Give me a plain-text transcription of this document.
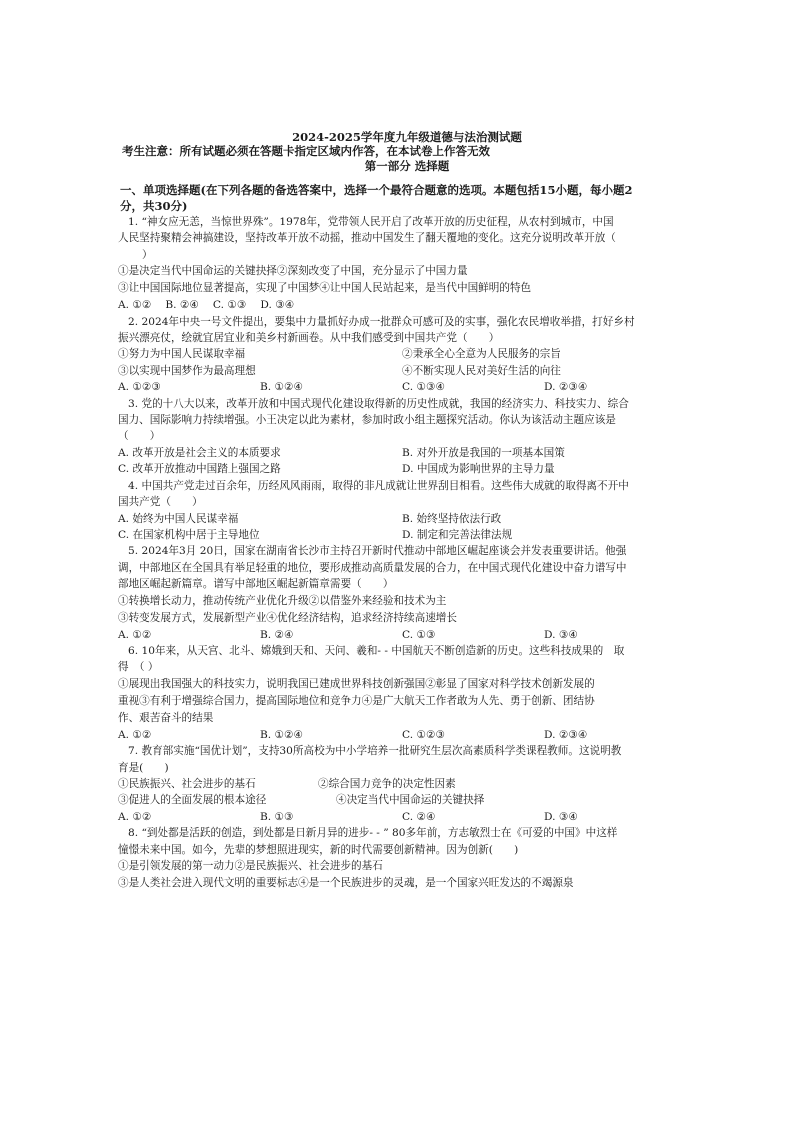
2024-2025学年度九年级道德与法治测试题
考生注意：所有试题必须在答题卡指定区域内作答，在本试卷上作答无效
第一部分 选择题
一、单项选择题(在下列各题的备选答案中，选择一个最符合题意的选项。本题包括15小题，每小题2
分，共30分)
1. “神女应无恙，当惊世界殊”。1978年，党带领人民开启了改革开放的历史征程，从农村到城市，中国
人民坚持聚精会神搞建设，坚持改革开放不动摇，推动中国发生了翻天覆地的变化。这充分说明改革开放（
）
①是决定当代中国命运的关键抉择②深刻改变了中国，充分显示了中国力量
③让中国国际地位显著提高，实现了中国梦④让中国人民站起来，是当代中国鲜明的特色
A. ①② B. ②④ C. ①③ D. ③④
2. 2024年中央一号文件提出，要集中力量抓好办成一批群众可感可及的实事，强化农民增收举措，打好乡村
振兴漂亮仗，绘就宜居宜业和美乡村新画卷。从中我们感受到中国共产党（　　）
①努力为中国人民谋取幸福	②秉承全心全意为人民服务的宗旨
③以实现中国梦作为最高理想	④不断实现人民对美好生活的向往
A. ①②③	B. ①②④	C. ①③④	D. ②③④
3. 党的十八大以来，改革开放和中国式现代化建设取得新的历史性成就，我国的经济实力、科技实力、综合
国力、国际影响力持续增强。小王决定以此为素材，参加时政小组主题探究活动。你认为该活动主题应该是
（　　）
A. 改革开放是社会主义的本质要求	B. 对外开放是我国的一项基本国策
C. 改革开放推动中国踏上强国之路	D. 中国成为影响世界的主导力量
4. 中国共产党走过百余年，历经风风雨雨，取得的非凡成就让世界刮目相看。这些伟大成就的取得离不开中
国共产党（　　）
A. 始终为中国人民谋幸福	B. 始终坚持依法行政
C. 在国家机构中居于主导地位	D. 制定和完善法律法规
5. 2024年3月 20日，国家在湖南省长沙市主持召开新时代推动中部地区崛起座谈会并发表重要讲话。他强
调，中部地区在全国具有举足轻重的地位，要形成推动高质量发展的合力，在中国式现代化建设中奋力谱写中
部地区崛起新篇章。谱写中部地区崛起新篇章需要（　　）
①转换增长动力，推动传统产业优化升级②以借鉴外来经验和技术为主
③转变发展方式，发展新型产业④优化经济结构，追求经济持续高速增长
A. ①②	B. ②④	C. ①③	D. ③④
6. 10年来，从天宫、北斗、嫦娥到天和、天问、羲和- - 中国航天不断创造新的历史。这些科技成果的　取
得　（ ）
①展现出我国强大的科技实力，说明我国已建成世界科技创新强国②彰显了国家对科学技术创新发展的
重视③有利于增强综合国力，提高国际地位和竞争力④是广大航天工作者敢为人先、勇于创新、团结协
作、艰苦奋斗的结果
A. ①②	B. ①②④	C. ①②③	D. ②③④
7. 教育部实施“国优计划”，支持30所高校为中小学培养一批研究生层次高素质科学类课程教师。这说明教
育是(　　)
①民族振兴、社会进步的基石	②综合国力竞争的决定性因素
③促进人的全面发展的根本途径	④决定当代中国命运的关键抉择
A. ①②	B. ①③	C. ②④	D. ③④
8. “到处都是活跃的创造，到处都是日新月异的进步- - ” 80多年前，方志敏烈士在《可爱的中国》中这样
憧憬未来中国。如今，先辈的梦想照进现实，新的时代需要创新精神。因为创新(　　)
①是引领发展的第一动力②是民族振兴、社会进步的基石
③是人类社会进入现代文明的重要标志④是一个民族进步的灵魂，是一个国家兴旺发达的不竭源泉
